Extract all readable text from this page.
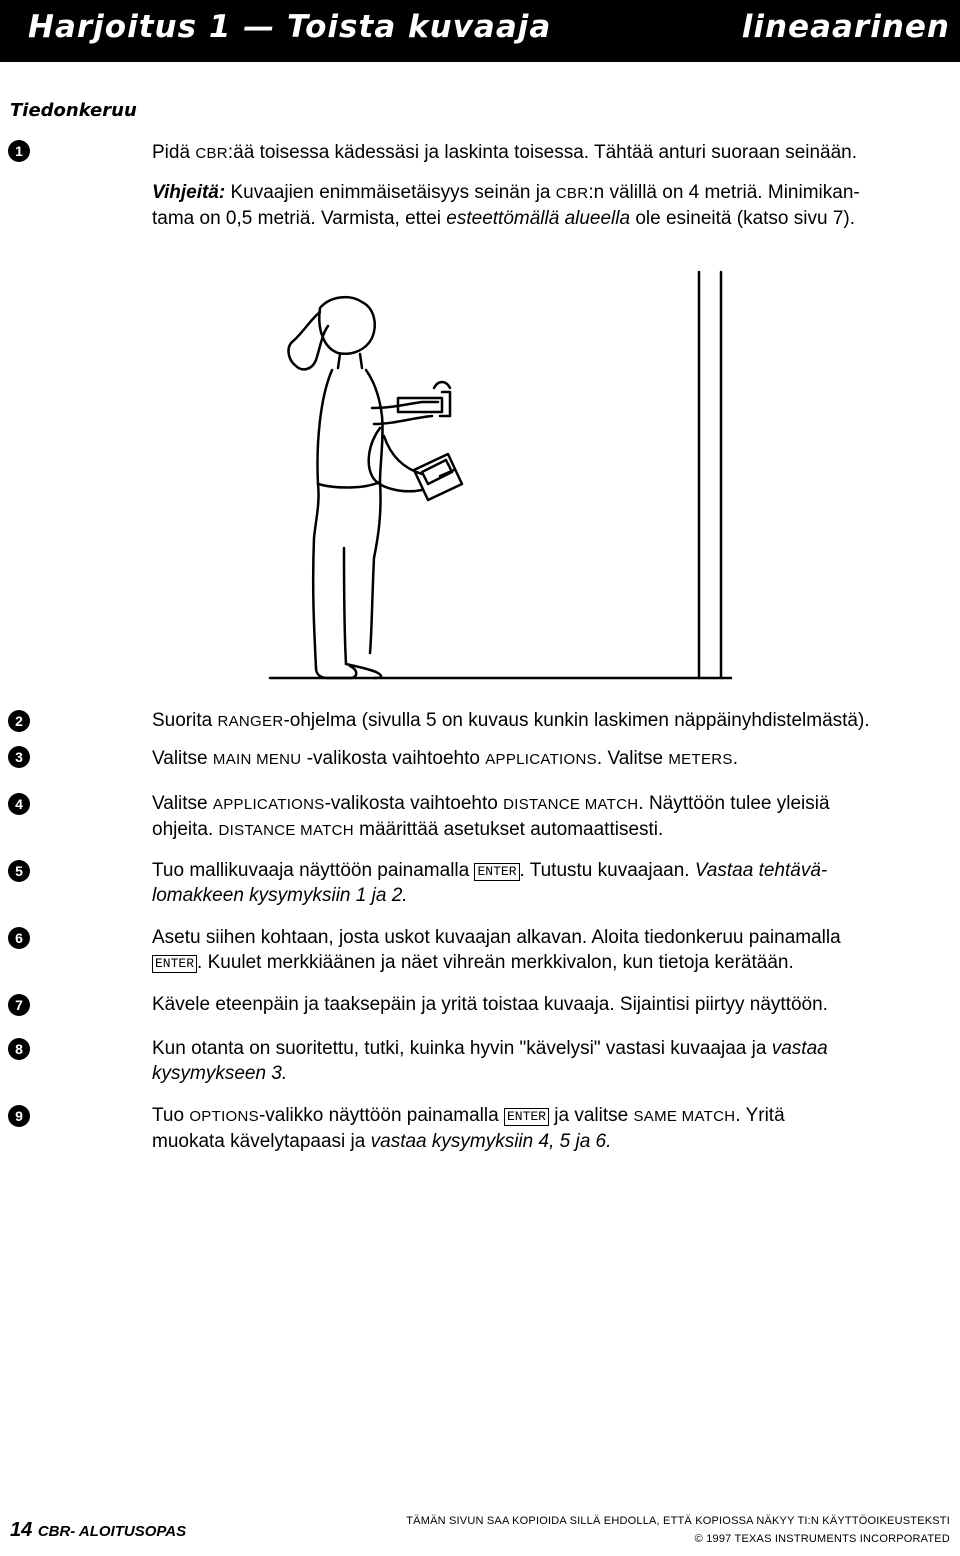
Harjoitus 1 — Toista kuvaaja	lineaarinen
Tiedonkeruu
1	Pidä CBR:ää toisessa kädessäsi ja laskinta toisessa. Tähtää anturi suoraan seinään.
Vihjeitä: Kuvaajien enimmäisetäisyys seinän ja CBR:n välillä on 4 metriä. Minimikan-
tama on 0,5 metriä. Varmista, ettei esteettömällä alueella ole esineitä (katso sivu 7).
2	Suorita RANGER-ohjelma (sivulla 5 on kuvaus kunkin laskimen näppäinyhdistelmästä).
3	Valitse MAIN MENU -valikosta vaihtoehto APPLICATIONS. Valitse METERS.
4	Valitse APPLICATIONS-valikosta vaihtoehto DISTANCE MATCH. Näyttöön tulee yleisiä
ohjeita. DISTANCE MATCH määrittää asetukset automaattisesti.
5	Tuo mallikuvaaja näyttöön painamalla ENTER . Tutustu kuvaajaan. Vastaa tehtävä-
lomakkeen kysymyksiin 1 ja 2.
6	Asetu siihen kohtaan, josta uskot kuvaajan alkavan. Aloita tiedonkeruu painamalla
ENTER . Kuulet merkkiäänen ja näet vihreän merkkivalon, kun tietoja kerätään.
7	Kävele eteenpäin ja taaksepäin ja yritä toistaa kuvaaja. Sijaintisi piirtyy näyttöön.
8	Kun otanta on suoritettu, tutki, kuinka hyvin "kävelysi" vastasi kuvaajaa ja vastaa
kysymykseen 3.
9	Tuo OPTIONS-valikko näyttöön painamalla ENTER ja valitse SAME MATCH. Yritä
muokata kävelytapaasi ja vastaa kysymyksiin 4, 5 ja 6.
14 CBR- ALOITUSOPAS
TÄMÄN SIVUN SAA KOPIOIDA SILLÄ EHDOLLA, ETTÄ KOPIOSSA NÄKYY TI:N KÄYTTÖOIKEUSTEKSTI
© 1997 TEXAS INSTRUMENTS INCORPORATED
